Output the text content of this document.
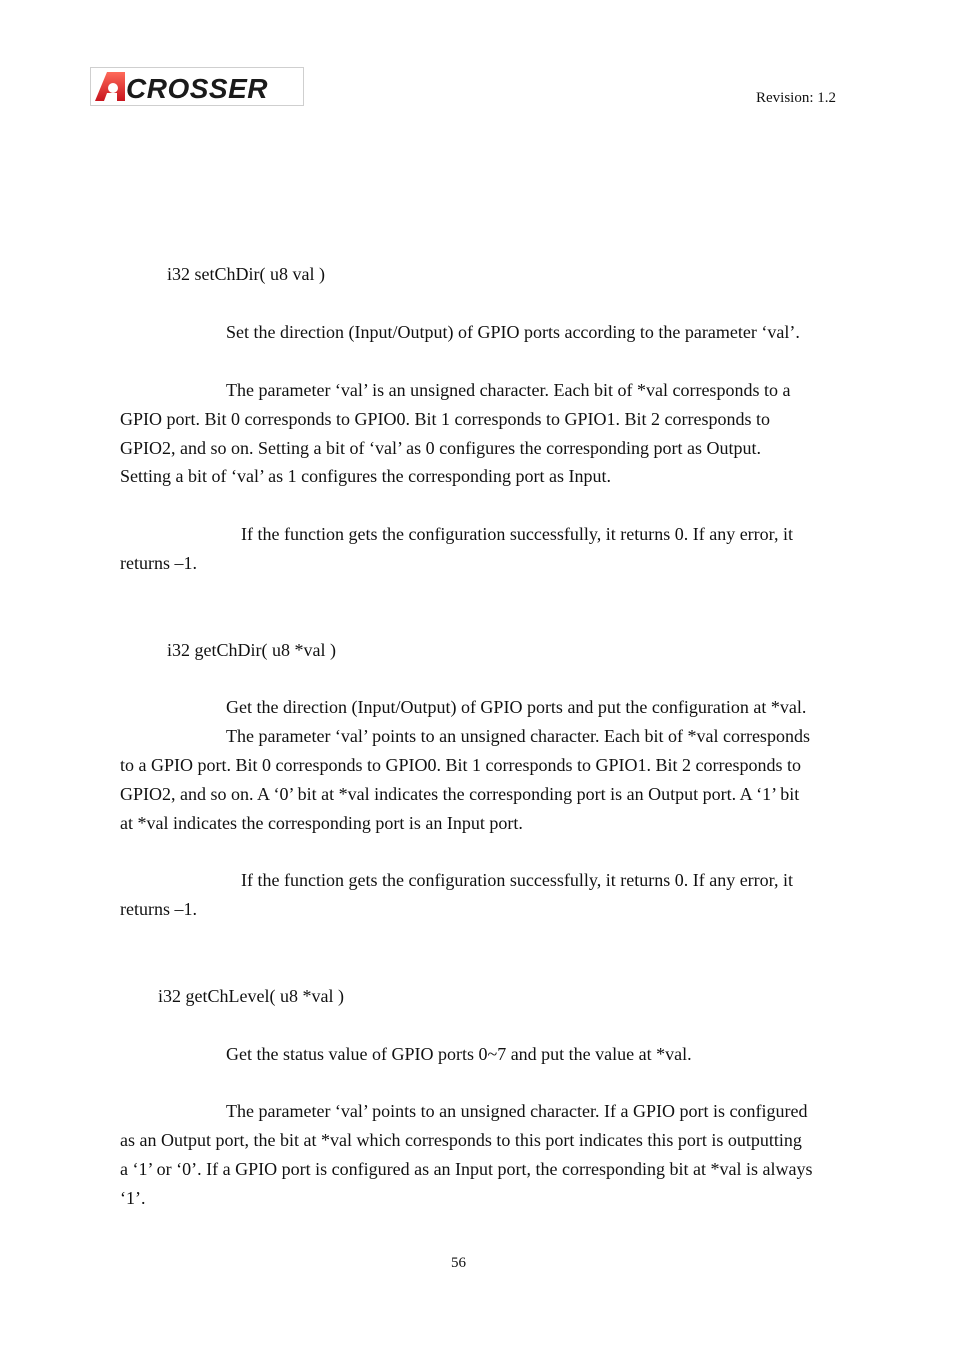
CROSSER	Revision: 1.2
i32 setChDir( u8 val )
Set the direction (Input/Output) of GPIO ports according to the parameter ‘val’.
The parameter ‘val’ is an unsigned character. Each bit of *val corresponds to a
GPIO port. Bit 0 corresponds to GPIO0. Bit 1 corresponds to GPIO1. Bit 2 corresponds to
GPIO2, and so on. Setting a bit of ‘val’ as 0 configures the corresponding port as Output.
Setting a bit of ‘val’ as 1 configures the corresponding port as Input.
If the function gets the configuration successfully, it returns 0. If any error, it
returns –1.
i32 getChDir( u8 *val )
Get the direction (Input/Output) of GPIO ports and put the configuration at *val.
The parameter ‘val’ points to an unsigned character. Each bit of *val corresponds
to a GPIO port. Bit 0 corresponds to GPIO0. Bit 1 corresponds to GPIO1. Bit 2 corresponds to
GPIO2, and so on. A ‘0’ bit at *val indicates the corresponding port is an Output port. A ‘1’ bit
at *val indicates the corresponding port is an Input port.
If the function gets the configuration successfully, it returns 0. If any error, it
returns –1.
i32 getChLevel( u8 *val )
Get the status value of GPIO ports 0~7 and put the value at *val.
The parameter ‘val’ points to an unsigned character. If a GPIO port is configured
as an Output port, the bit at *val which corresponds to this port indicates this port is outputting
a ‘1’ or ‘0’. If a GPIO port is configured as an Input port, the corresponding bit at *val is always
‘1’.
56
